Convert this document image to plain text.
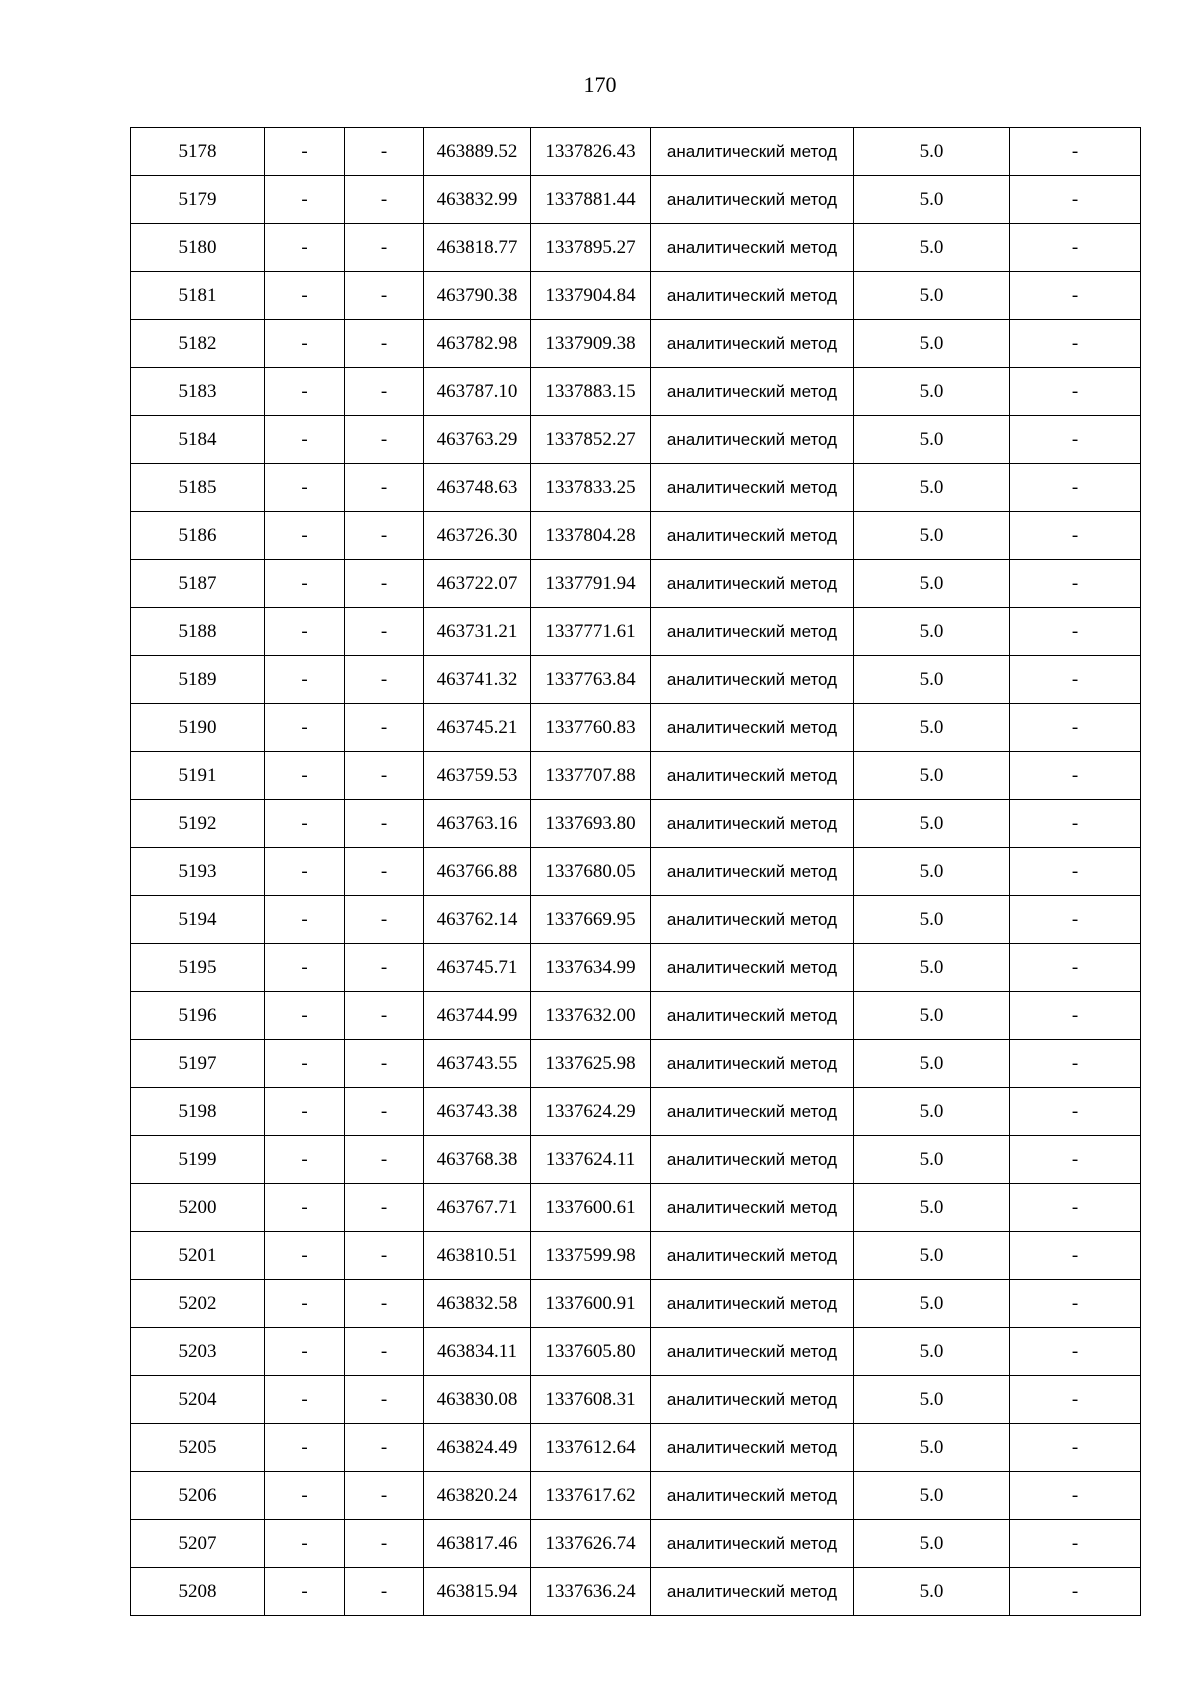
170
5178	-	-	463889.52	1337826.43	аналитический метод	5.0	-
5179	-	-	463832.99	1337881.44	аналитический метод	5.0	-
5180	-	-	463818.77	1337895.27	аналитический метод	5.0	-
5181	-	-	463790.38	1337904.84	аналитический метод	5.0	-
5182	-	-	463782.98	1337909.38	аналитический метод	5.0	-
5183	-	-	463787.10	1337883.15	аналитический метод	5.0	-
5184	-	-	463763.29	1337852.27	аналитический метод	5.0	-
5185	-	-	463748.63	1337833.25	аналитический метод	5.0	-
5186	-	-	463726.30	1337804.28	аналитический метод	5.0	-
5187	-	-	463722.07	1337791.94	аналитический метод	5.0	-
5188	-	-	463731.21	1337771.61	аналитический метод	5.0	-
5189	-	-	463741.32	1337763.84	аналитический метод	5.0	-
5190	-	-	463745.21	1337760.83	аналитический метод	5.0	-
5191	-	-	463759.53	1337707.88	аналитический метод	5.0	-
5192	-	-	463763.16	1337693.80	аналитический метод	5.0	-
5193	-	-	463766.88	1337680.05	аналитический метод	5.0	-
5194	-	-	463762.14	1337669.95	аналитический метод	5.0	-
5195	-	-	463745.71	1337634.99	аналитический метод	5.0	-
5196	-	-	463744.99	1337632.00	аналитический метод	5.0	-
5197	-	-	463743.55	1337625.98	аналитический метод	5.0	-
5198	-	-	463743.38	1337624.29	аналитический метод	5.0	-
5199	-	-	463768.38	1337624.11	аналитический метод	5.0	-
5200	-	-	463767.71	1337600.61	аналитический метод	5.0	-
5201	-	-	463810.51	1337599.98	аналитический метод	5.0	-
5202	-	-	463832.58	1337600.91	аналитический метод	5.0	-
5203	-	-	463834.11	1337605.80	аналитический метод	5.0	-
5204	-	-	463830.08	1337608.31	аналитический метод	5.0	-
5205	-	-	463824.49	1337612.64	аналитический метод	5.0	-
5206	-	-	463820.24	1337617.62	аналитический метод	5.0	-
5207	-	-	463817.46	1337626.74	аналитический метод	5.0	-
5208	-	-	463815.94	1337636.24	аналитический метод	5.0	-
